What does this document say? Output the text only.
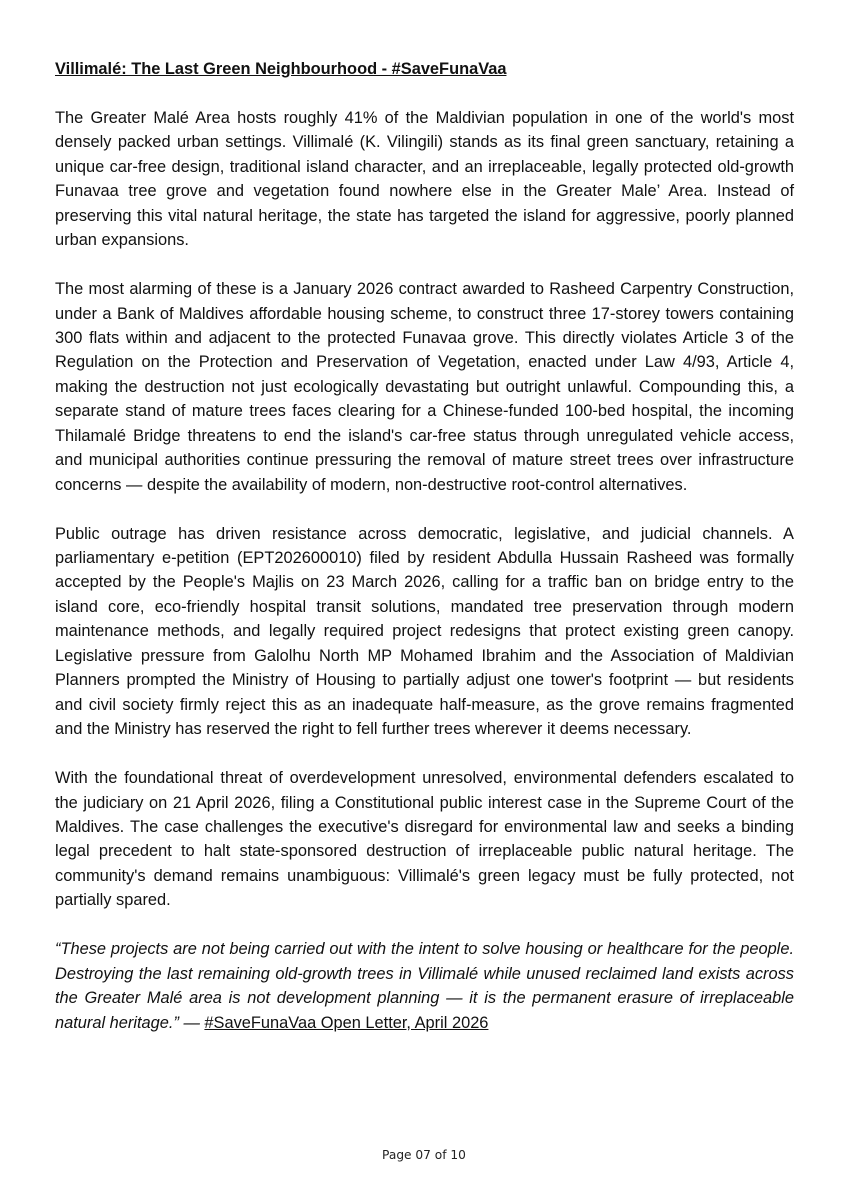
Villimalé: The Last Green Neighbourhood - #SaveFunaVaa

The Greater Malé Area hosts roughly 41% of the Maldivian population in one of the world's most densely packed urban settings. Villimalé (K. Vilingili) stands as its final green sanctuary, retaining a unique car-free design, traditional island character, and an irreplaceable, legally protected old-growth Funavaa tree grove and vegetation found nowhere else in the Greater Male’ Area. Instead of preserving this vital natural heritage, the state has targeted the island for aggressive, poorly planned urban expansions.

The most alarming of these is a January 2026 contract awarded to Rasheed Carpentry Construction, under a Bank of Maldives affordable housing scheme, to construct three 17-storey towers containing 300 flats within and adjacent to the protected Funavaa grove. This directly violates Article 3 of the Regulation on the Protection and Preservation of Vegetation, enacted under Law 4/93, Article 4, making the destruction not just ecologically devastating but outright unlawful. Compounding this, a separate stand of mature trees faces clearing for a Chinese-funded 100-bed hospital, the incoming Thilamalé Bridge threatens to end the island's car-free status through unregulated vehicle access, and municipal authorities continue pressuring the removal of mature street trees over infrastructure concerns — despite the availability of modern, non-destructive root-control alternatives.

Public outrage has driven resistance across democratic, legislative, and judicial channels. A parliamentary e-petition (EPT202600010) filed by resident Abdulla Hussain Rasheed was formally accepted by the People's Majlis on 23 March 2026, calling for a traffic ban on bridge entry to the island core, eco-friendly hospital transit solutions, mandated tree preservation through modern maintenance methods, and legally required project redesigns that protect existing green canopy. Legislative pressure from Galolhu North MP Mohamed Ibrahim and the Association of Maldivian Planners prompted the Ministry of Housing to partially adjust one tower's footprint — but residents and civil society firmly reject this as an inadequate half-measure, as the grove remains fragmented and the Ministry has reserved the right to fell further trees wherever it deems necessary.

With the foundational threat of overdevelopment unresolved, environmental defenders escalated to the judiciary on 21 April 2026, filing a Constitutional public interest case in the Supreme Court of the Maldives. The case challenges the executive's disregard for environmental law and seeks a binding legal precedent to halt state-sponsored destruction of irreplaceable public natural heritage. The community's demand remains unambiguous: Villimalé's green legacy must be fully protected, not partially spared.

“These projects are not being carried out with the intent to solve housing or healthcare for the people. Destroying the last remaining old-growth trees in Villimalé while unused reclaimed land exists across the Greater Malé area is not development planning — it is the permanent erasure of irreplaceable natural heritage.” — #SaveFunaVaa Open Letter, April 2026

Page 07 of 10
